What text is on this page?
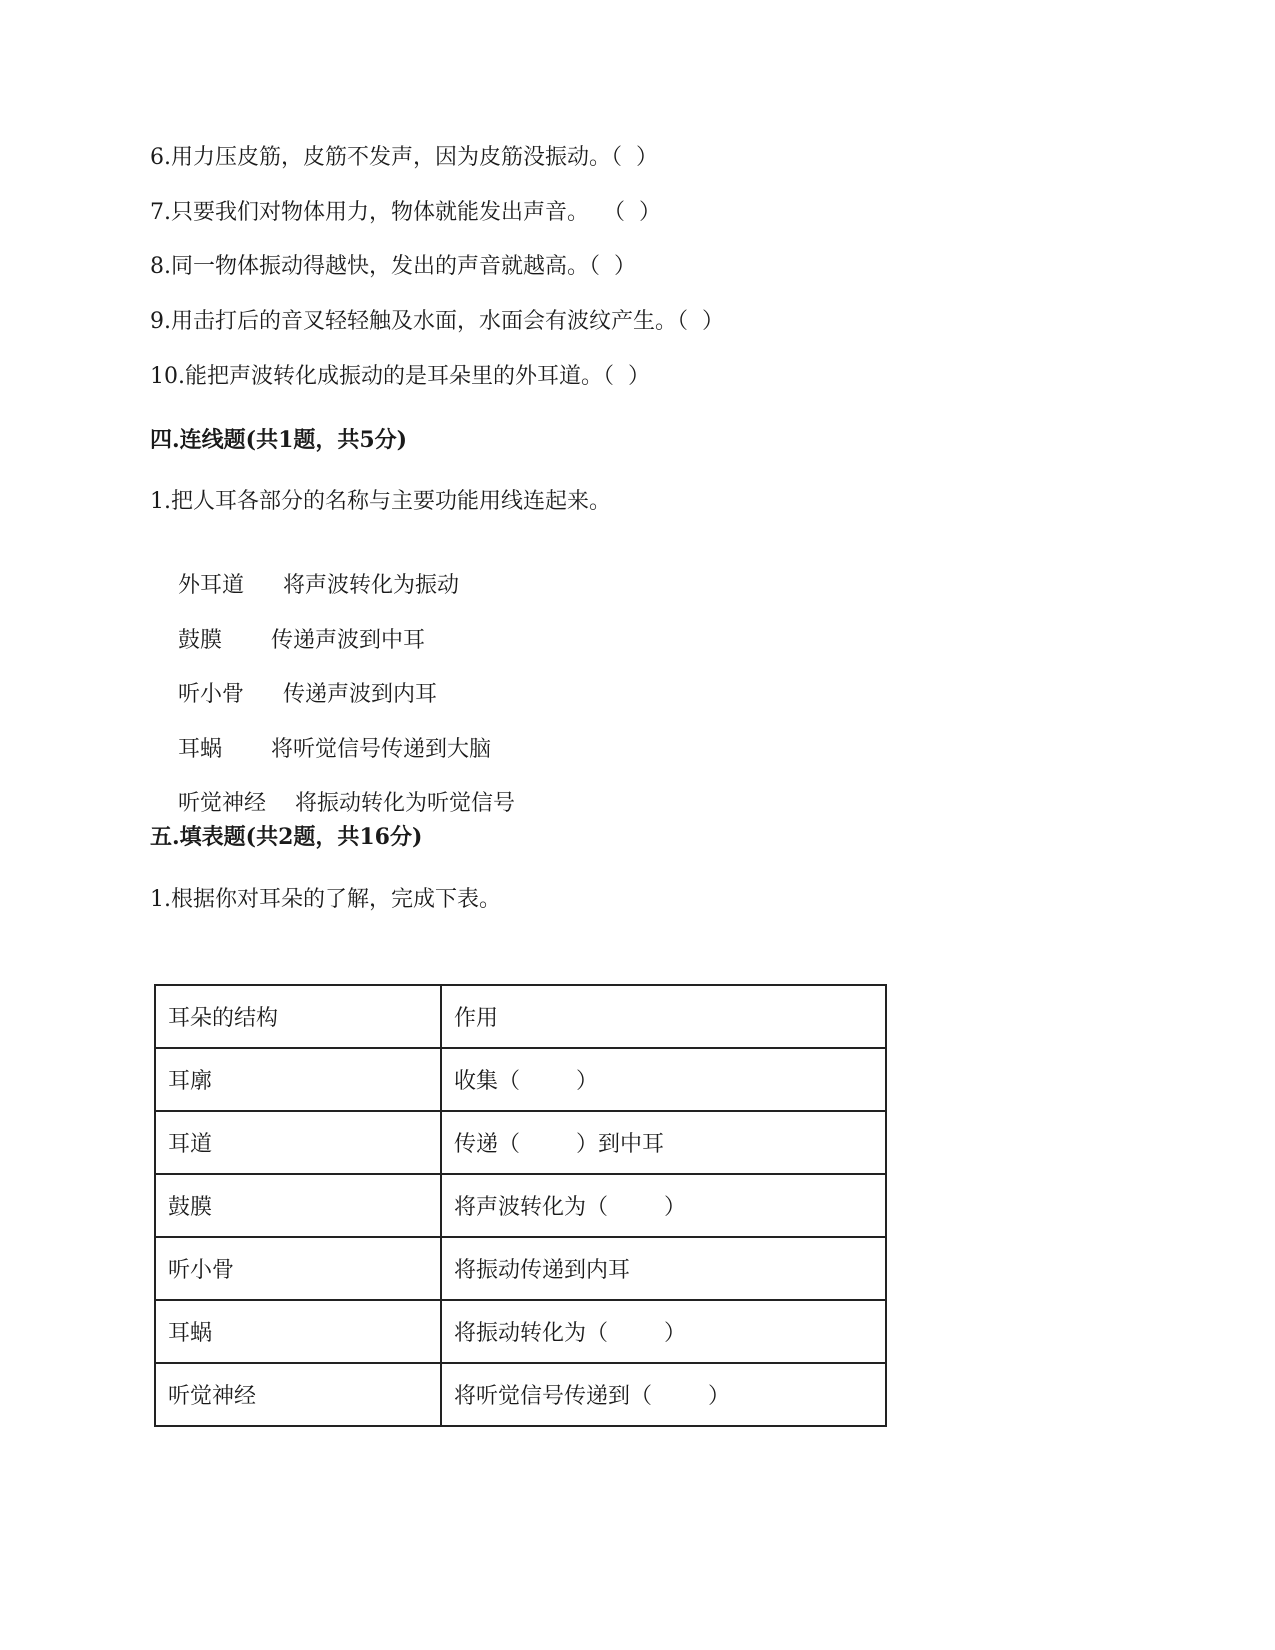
6.用力压皮筋，皮筋不发声，因为皮筋没振动。（  ）
7.只要我们对物体用力，物体就能发出声音。  （  ）
8.同一物体振动得越快，发出的声音就越高。（  ）
9.用击打后的音叉轻轻触及水面，水面会有波纹产生。（  ）
10.能把声波转化成振动的是耳朵里的外耳道。（  ）
四.连线题(共1题，共5分)
1.把人耳各部分的名称与主要功能用线连起来。

外耳道 将声波转化为振动

鼓膜 传递声波到中耳

听小骨 传递声波到内耳

耳蜗 将听觉信号传递到大脑

听觉神经 将振动转化为听觉信号

五.填表题(共2题，共16分)
1.根据你对耳朵的了解，完成下表。
耳朵的结构	作用
耳廓	收集（        ）
耳道	传递（        ）到中耳
鼓膜	将声波转化为（        ）
听小骨	将振动传递到内耳
耳蜗	将振动转化为（        ）
听觉神经	将听觉信号传递到（        ）
